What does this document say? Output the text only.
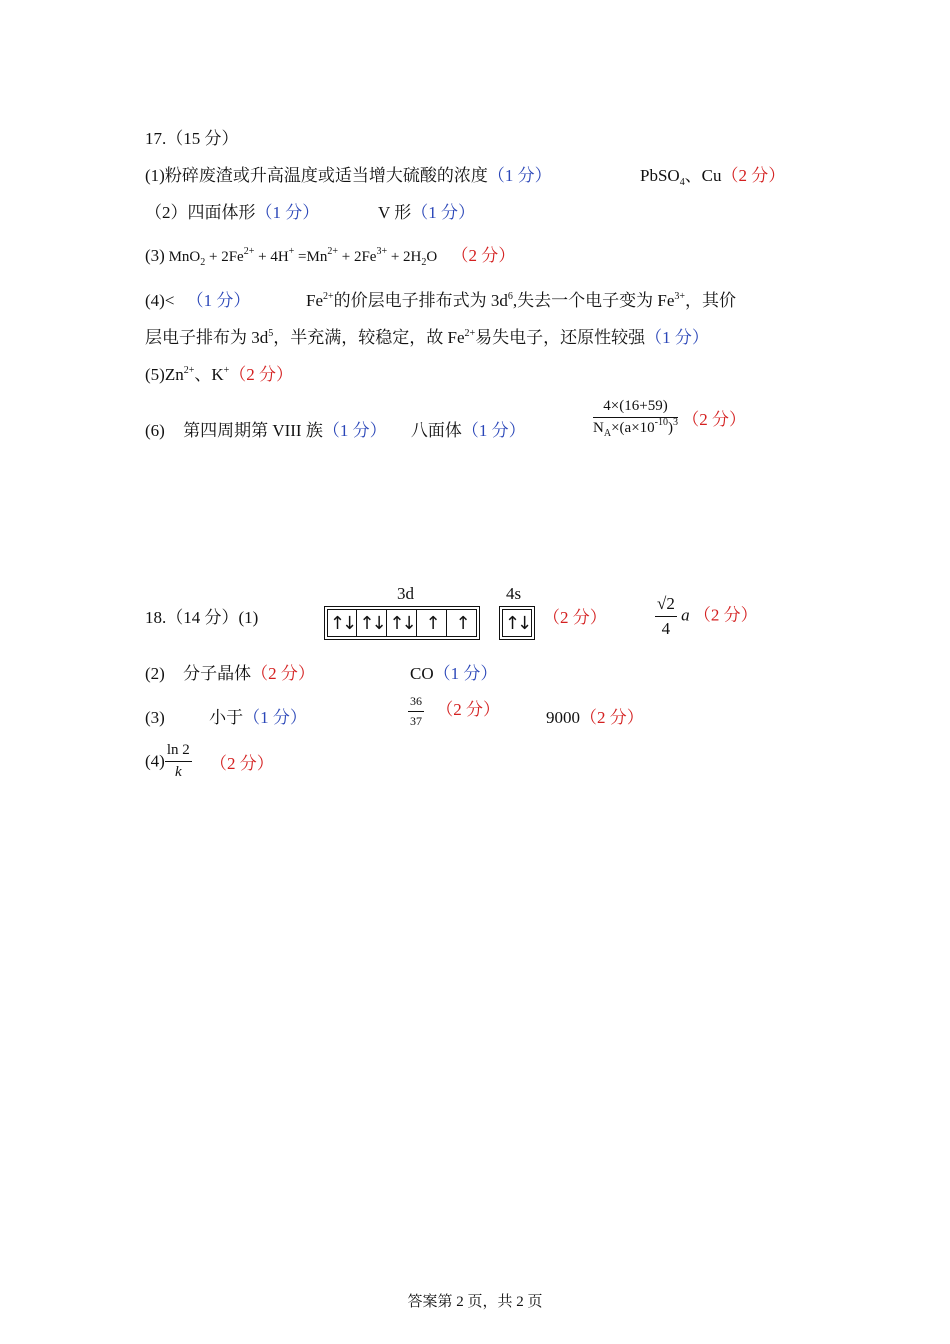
17.（15 分）
(1)粉碎废渣或升高温度或适当增大硫酸的浓度（1 分）	PbSO$_4$、Cu（2 分）
（2）四面体形（1 分）	V 形（1 分）
(3) $MnO_2 + 2Fe^{2+} + 4H^+ =Mn^{2+} + 2Fe^{3+} + 2H_2O$ （2 分）
(4)< （1 分）	$Fe^{2+}$的价层电子排布式为 $3d^6$,失去一个电子变为 $Fe^{3+}$，其价
层电子排布为 $3d^5$，半充满，较稳定，故 $Fe^{2+}$易失电子，还原性较强（1 分）
$(5)Zn^{2+}$、K+（2 分）
(6) 第四周期第 VIII 族（1 分） 八面体（1 分）	$\frac{4\times(16+59)}{N_A\times(a\times 10^{-10})^3} (2$ 分）
18.（14 分）(1)
3d	4s
↑↓ ↑↓ ↑↓ ↑ ↑	↑↓ （2 分）	$\frac{√2}{4}$ a （2 分）
(2) 分子晶体（2 分）	CO（1 分）
(3)	小于（1 分）	$\frac{36}{37} (2$ 分）	9000（2 分）
$(4) \frac{\ln 2}{k} (2$ 分）
答案第 2 页，共 2 页
